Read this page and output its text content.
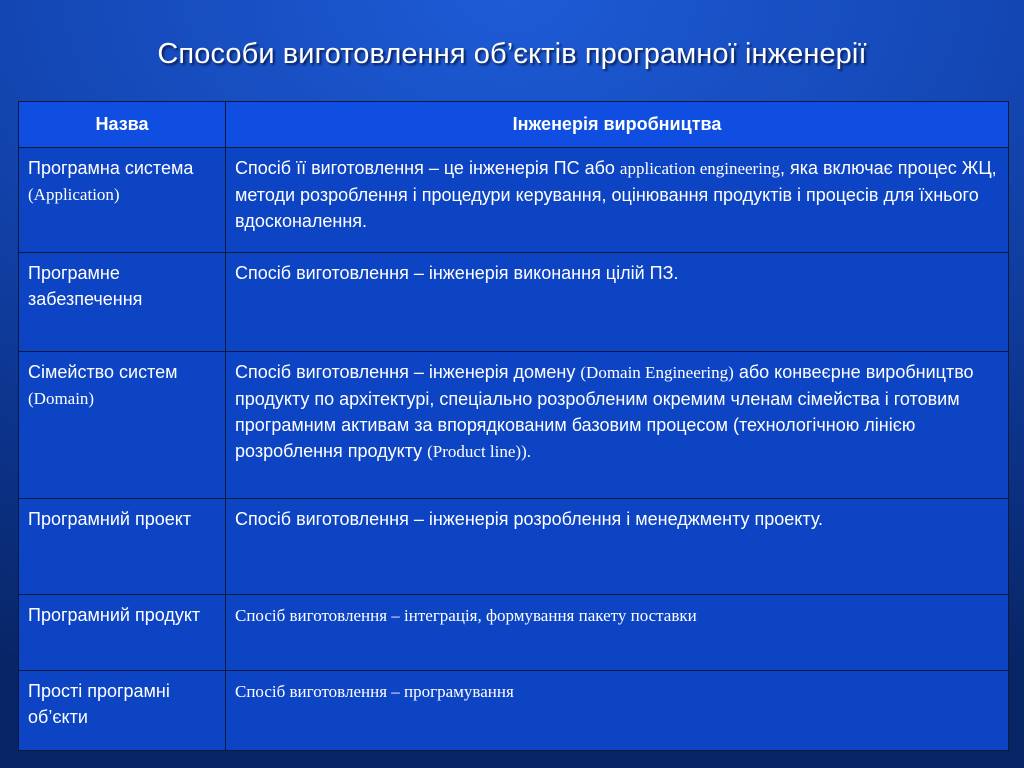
Способи виготовлення об’єктів програмної інженерії
Назва	Інженерія виробництва
Програмна система (Application)	Спосіб її виготовлення – це інженерія ПС або application engineering, яка включає процес ЖЦ, методи розроблення і процедури керування, оцінювання продуктів і процесів для їхнього вдосконалення.
Програмне забезпечення	Спосіб виготовлення – інженерія виконання цілій ПЗ.
Сімейство систем (Domain)	Спосіб виготовлення – інженерія домену (Domain Engineering) або конвеєрне виробництво продукту по архітектурі, спеціально розробленим окремим членам сімейства і готовим програмним активам за впорядкованим базовим процесом (технологічною лінією розроблення продукту (Product line)).
Програмний проект	Спосіб виготовлення – інженерія розроблення і менеджменту проекту.
Програмний продукт	Спосіб виготовлення – інтеграція, формування пакету поставки
Прості програмні об’єкти	Спосіб виготовлення – програмування
